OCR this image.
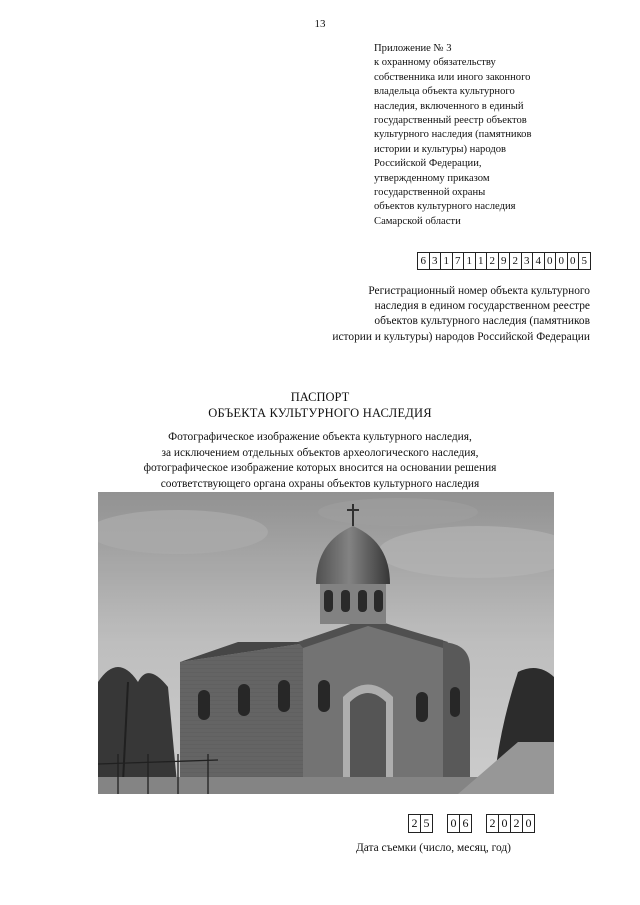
13
Приложение № 3
к охранному обязательству
собственника или иного законного
владельца объекта культурного
наследия, включенного в единый
государственный реестр объектов
культурного наследия (памятников
истории и культуры) народов
Российской Федерации,
утвержденному приказом
государственной охраны
объектов культурного наследия
Самарской области
6 3 1 7 1 1 2 9 2 3 4 0 0 0 5
Регистрационный номер объекта культурного
наследия в едином государственном реестре
объектов культурного наследия (памятников
истории и культуры) народов Российской Федерации
ПАСПОРТ
ОБЪЕКТА КУЛЬТУРНОГО НАСЛЕДИЯ
Фотографическое изображение объекта культурного наследия,
за исключением отдельных объектов археологического наследия,
фотографическое изображение которых вносится на основании решения
соответствующего органа охраны объектов культурного наследия
2 5 0 6 2 0 2 0
Дата съемки (число, месяц, год)
